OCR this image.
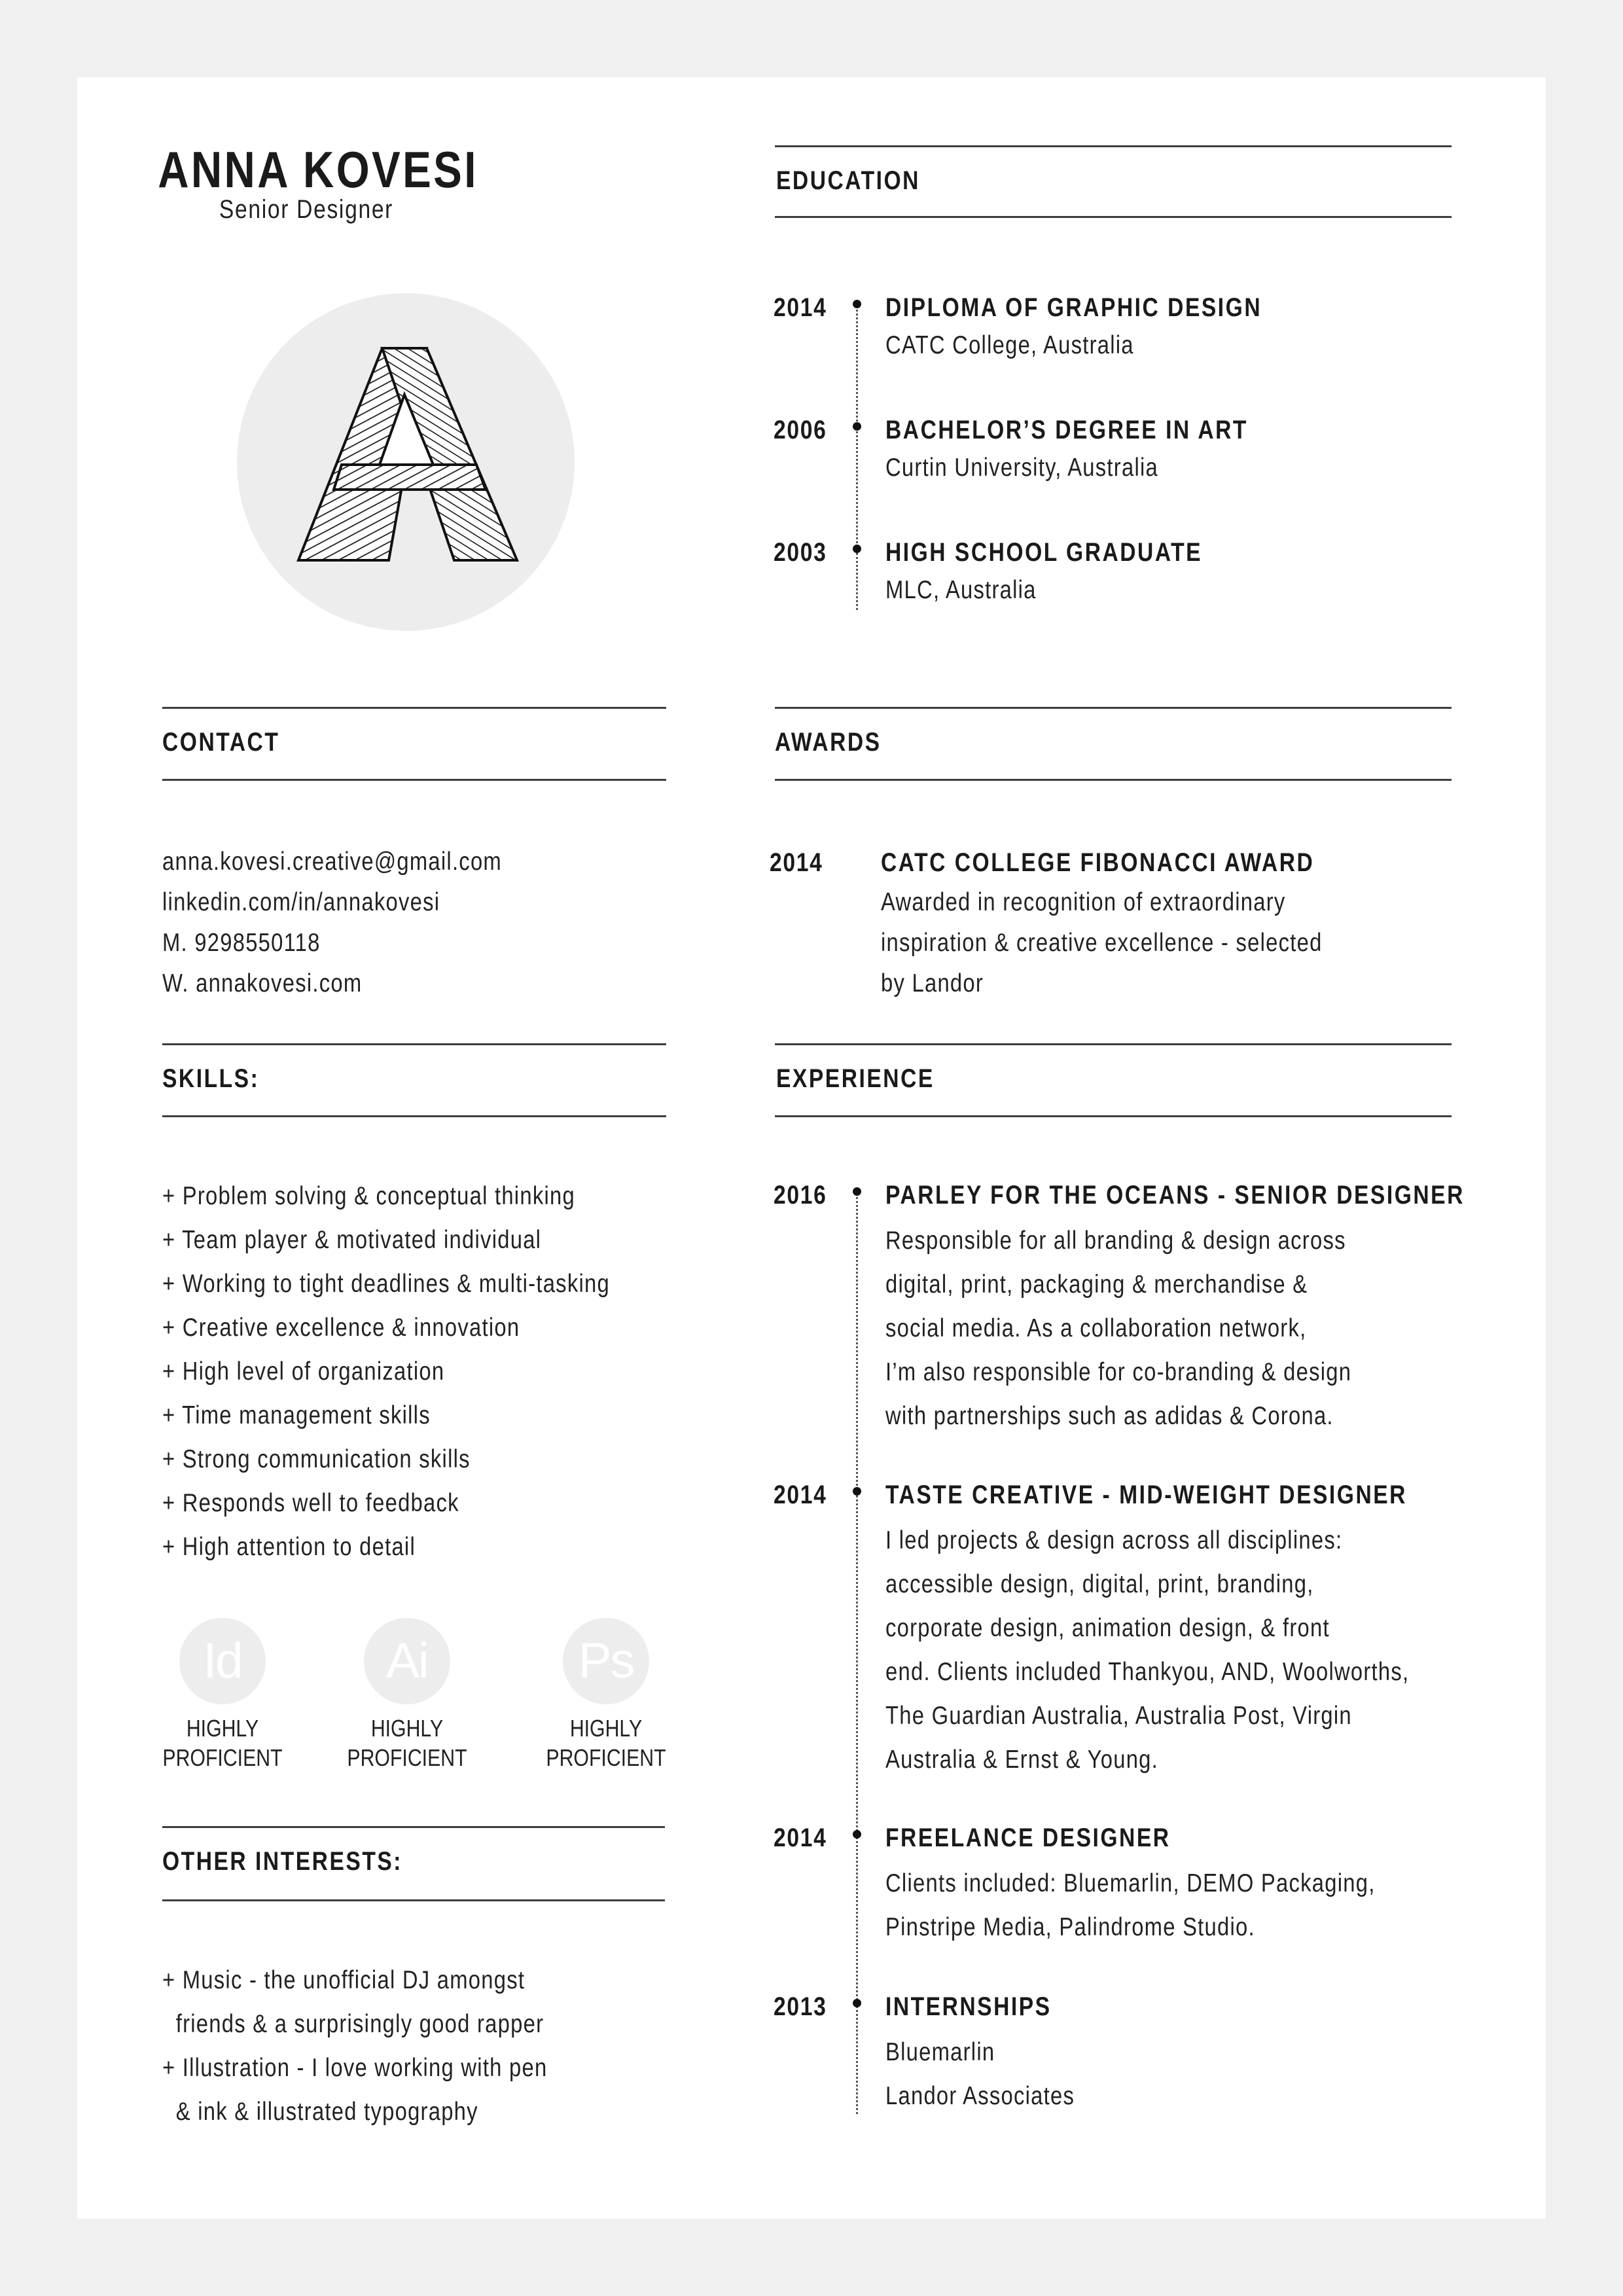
ANNA KOVESI
Senior Designer
EDUCATION
2014 DIPLOMA OF GRAPHIC DESIGN
CATC College, Australia
2006 BACHELOR’S DEGREE IN ART
Curtin University, Australia
2003 HIGH SCHOOL GRADUATE
MLC, Australia
CONTACT
anna.kovesi.creative@gmail.com
linkedin.com/in/annakovesi
M. 9298550118
W. annakovesi.com
AWARDS
2014 CATC COLLEGE FIBONACCI AWARD
Awarded in recognition of extraordinary
inspiration & creative excellence - selected
by Landor
SKILLS:
+ Problem solving & conceptual thinking
+ Team player & motivated individual
+ Working to tight deadlines & multi-tasking
+ Creative excellence & innovation
+ High level of organization
+ Time management skills
+ Strong communication skills
+ Responds well to feedback
+ High attention to detail
Id
HIGHLY
PROFICIENT
Ai
HIGHLY
PROFICIENT
Ps
HIGHLY
PROFICIENT
OTHER INTERESTS:
+ Music - the unofficial DJ amongst
friends & a surprisingly good rapper
+ Illustration - I love working with pen
& ink & illustrated typography
EXPERIENCE
2016 PARLEY FOR THE OCEANS - SENIOR DESIGNER
Responsible for all branding & design across
digital, print, packaging & merchandise &
social media. As a collaboration network,
I’m also responsible for co-branding & design
with partnerships such as adidas & Corona.
2014 TASTE CREATIVE - MID-WEIGHT DESIGNER
I led projects & design across all disciplines:
accessible design, digital, print, branding,
corporate design, animation design, & front
end. Clients included Thankyou, AND, Woolworths,
The Guardian Australia, Australia Post, Virgin
Australia & Ernst & Young.
2014 FREELANCE DESIGNER
Clients included: Bluemarlin, DEMO Packaging,
Pinstripe Media, Palindrome Studio.
2013 INTERNSHIPS
Bluemarlin
Landor Associates
